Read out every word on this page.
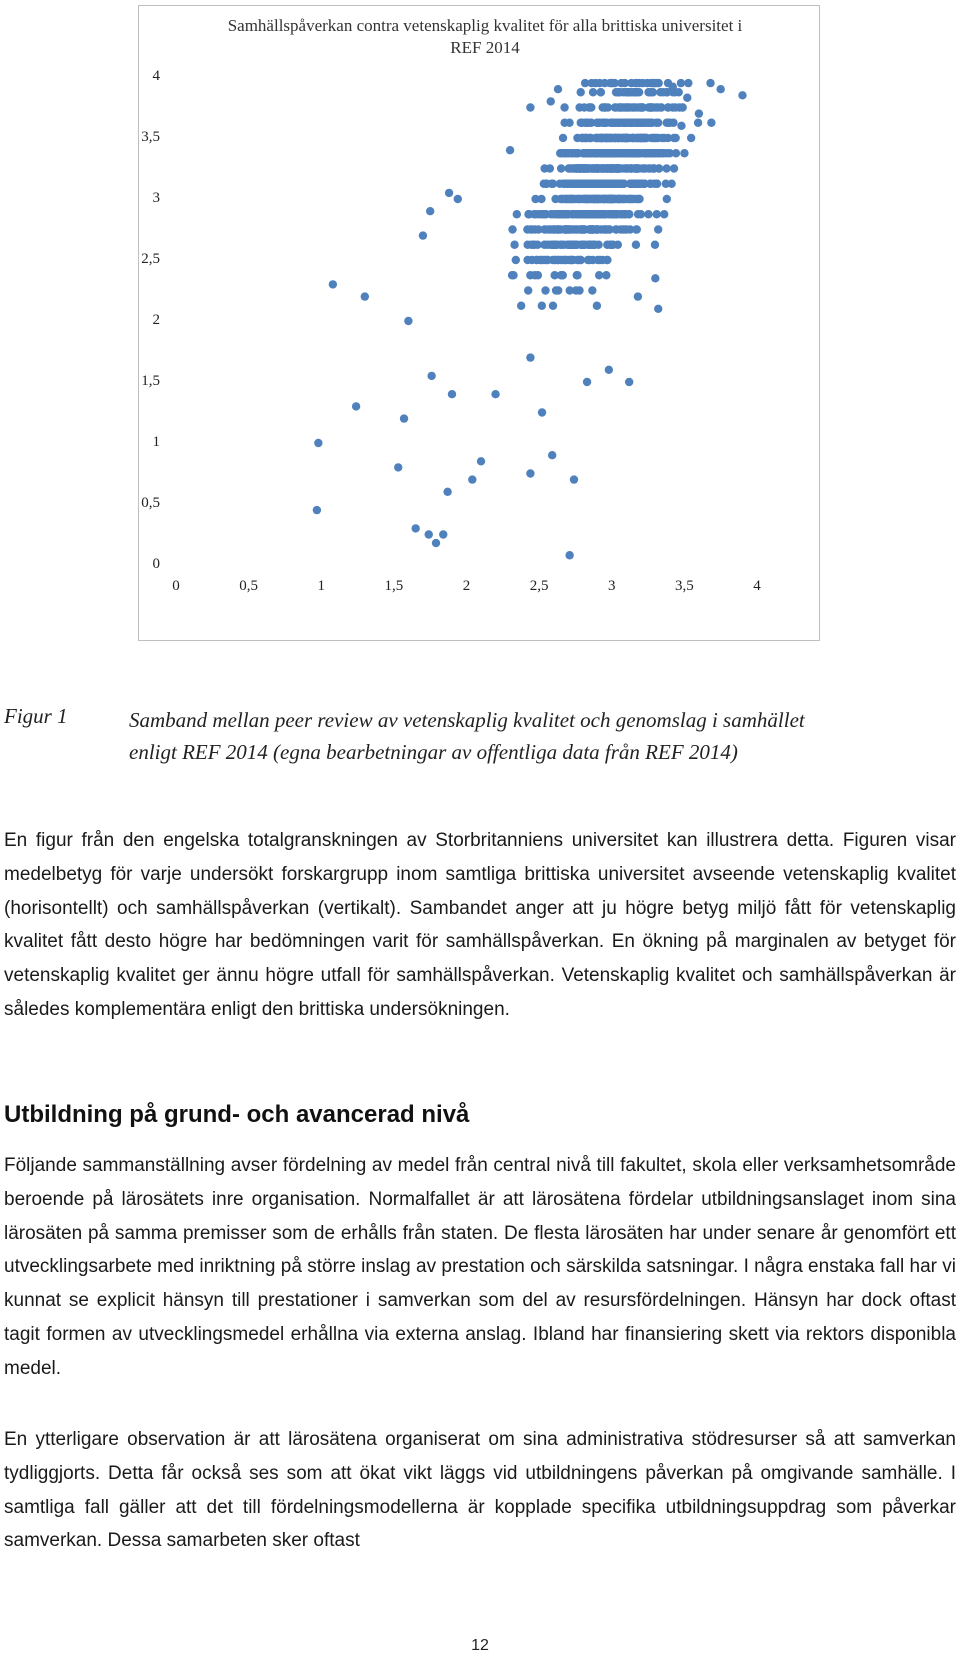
Samhällspåverkan contra vetenskaplig kvalitet för alla brittiska universitet i REF 2014
0
0,5
1
1,5
2
2,5
3
3,5
4
0	0,5	1	1,5	2	2,5	3	3,5	4
Figur 1	Samband mellan peer review av vetenskaplig kvalitet och genomslag i samhället
enligt REF 2014 (egna bearbetningar av offentliga data från REF 2014)
En figur från den engelska totalgranskningen av Storbritanniens universitet kan illustrera detta. Figuren visar medelbetyg för varje undersökt forskargrupp inom samtliga brittiska universitet avseende vetenskaplig kvalitet (horisontellt) och samhällspåverkan (vertikalt). Sambandet anger att ju högre betyg miljö fått för vetenskaplig kvalitet fått desto högre har bedömningen varit för samhällspåverkan. En ökning på marginalen av betyget för vetenskaplig kvalitet ger ännu högre utfall för samhällspåverkan. Vetenskaplig kvalitet och samhällspåverkan är således komplementära enligt den brittiska undersökningen.
Utbildning på grund- och avancerad nivå
Följande sammanställning avser fördelning av medel från central nivå till fakultet, skola eller verksamhetsområde beroende på lärosätets inre organisation. Normalfallet är att lärosätena fördelar utbildningsanslaget inom sina lärosäten på samma premisser som de erhålls från staten. De flesta lärosäten har under senare år genomfört ett utvecklingsarbete med inriktning på större inslag av prestation och särskilda satsningar. I några enstaka fall har vi kunnat se explicit hänsyn till prestationer i samverkan som del av resursfördelningen. Hänsyn har dock oftast tagit formen av utvecklingsmedel erhållna via externa anslag. Ibland har finansiering skett via rektors disponibla medel.
En ytterligare observation är att lärosätena organiserat om sina administrativa stödresurser så att samverkan tydliggjorts. Detta får också ses som att ökat vikt läggs vid utbildningens påverkan på omgivande samhälle. I samtliga fall gäller att det till fördelningsmodellerna är kopplade specifika utbildningsuppdrag som påverkar samverkan. Dessa samarbeten sker oftast
12
